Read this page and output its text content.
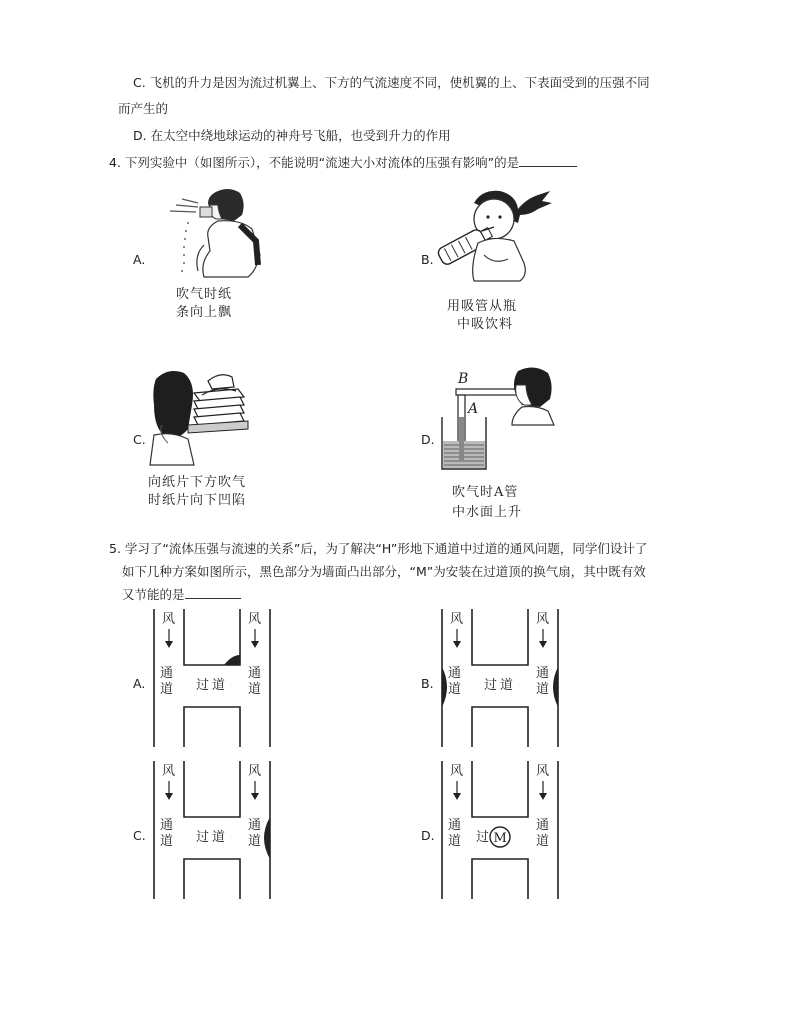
C. 飞机的升力是因为流过机翼上、下方的气流速度不同，使机翼的上、下表面受到的压强不同
而产生的
D. 在太空中绕地球运动的神舟号飞船，也受到升力的作用
4. 下列实验中（如图所示），不能说明“流速大小对流体的压强有影响”的是
A.
吹气时纸
条向上飘
B.
用吸管从瓶
中吸饮料
C.
向纸片下方吹气
时纸片向下凹陷
D.
B
A
吹气时A管
中水面上升
5. 学习了“流体压强与流速的关系”后，为了解决“H”形地下通道中过道的通风问题，同学们设计了
如下几种方案如图所示，黑色部分为墙面凸出部分，“M”为安装在过道顶的换气扇，其中既有效
又节能的是
A.	B.
C.	D.
风	风
通
道
通
道
过 道
风	风
通
道
通
道
过 道
风	风
通
道
通
道
过 道
风	风
通
道
通
道
过 M
